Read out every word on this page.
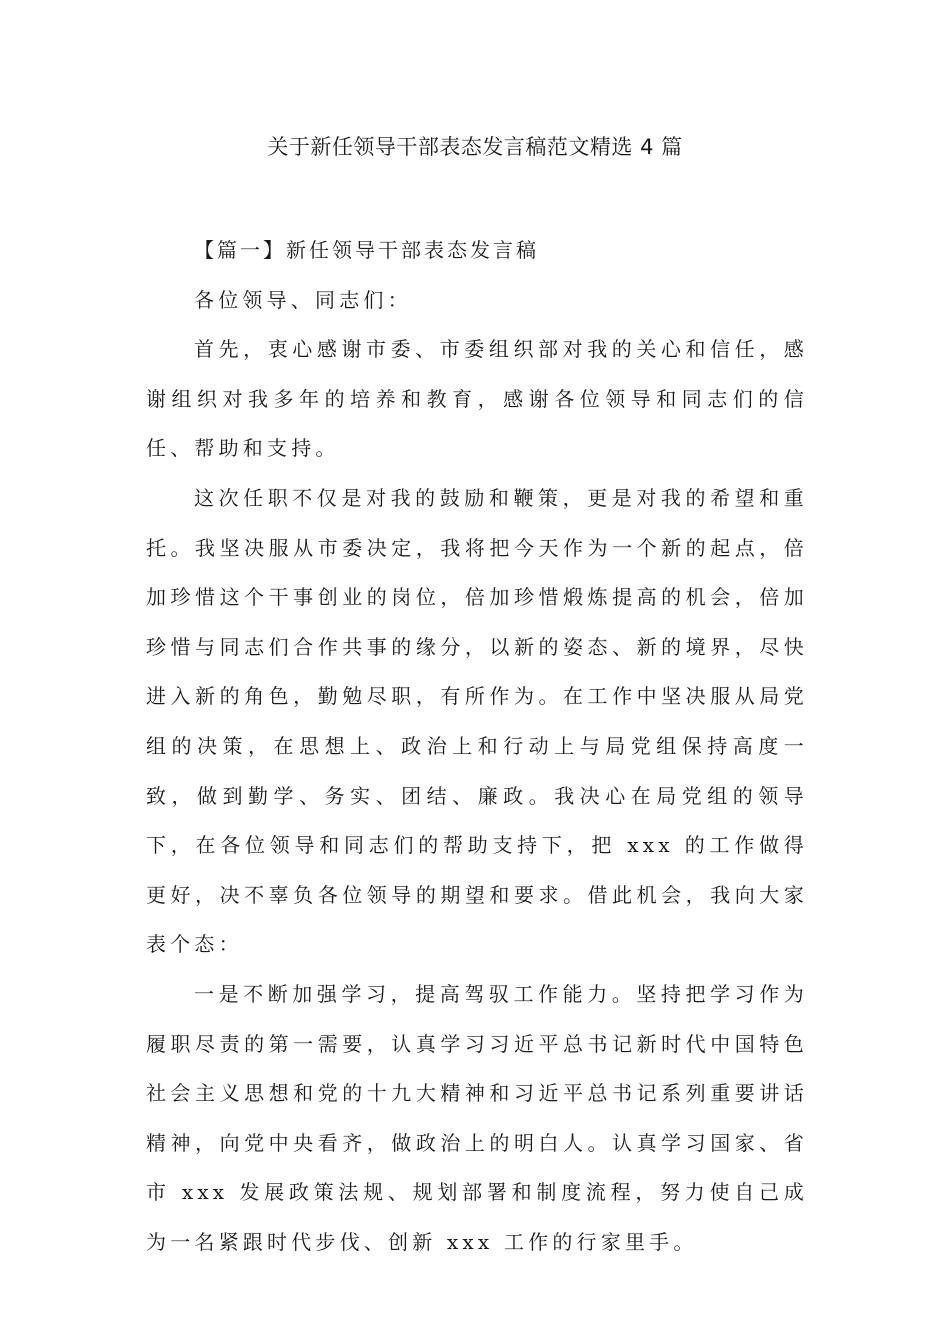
关于新任领导干部表态发言稿范文精选 4 篇

【篇一】新任领导干部表态发言稿

各位领导、同志们：

首先，衷心感谢市委、市委组织部对我的关心和信任，感谢组织对我多年的培养和教育，感谢各位领导和同志们的信任、帮助和支持。

这次任职不仅是对我的鼓励和鞭策，更是对我的希望和重托。我坚决服从市委决定，我将把今天作为一个新的起点，倍加珍惜这个干事创业的岗位，倍加珍惜煅炼提高的机会，倍加珍惜与同志们合作共事的缘分，以新的姿态、新的境界，尽快进入新的角色，勤勉尽职，有所作为。在工作中坚决服从局党组的决策，在思想上、政治上和行动上与局党组保持高度一致，做到勤学、务实、团结、廉政。我决心在局党组的领导下，在各位领导和同志们的帮助支持下，把 xxx 的工作做得更好，决不辜负各位领导的期望和要求。借此机会，我向大家表个态：

一是不断加强学习，提高驾驭工作能力。坚持把学习作为履职尽责的第一需要，认真学习习近平总书记新时代中国特色社会主义思想和党的十九大精神和习近平总书记系列重要讲话精神，向党中央看齐，做政治上的明白人。认真学习国家、省市 xxx 发展政策法规、规划部署和制度流程，努力使自己成为一名紧跟时代步伐、创新 xxx 工作的行家里手。
